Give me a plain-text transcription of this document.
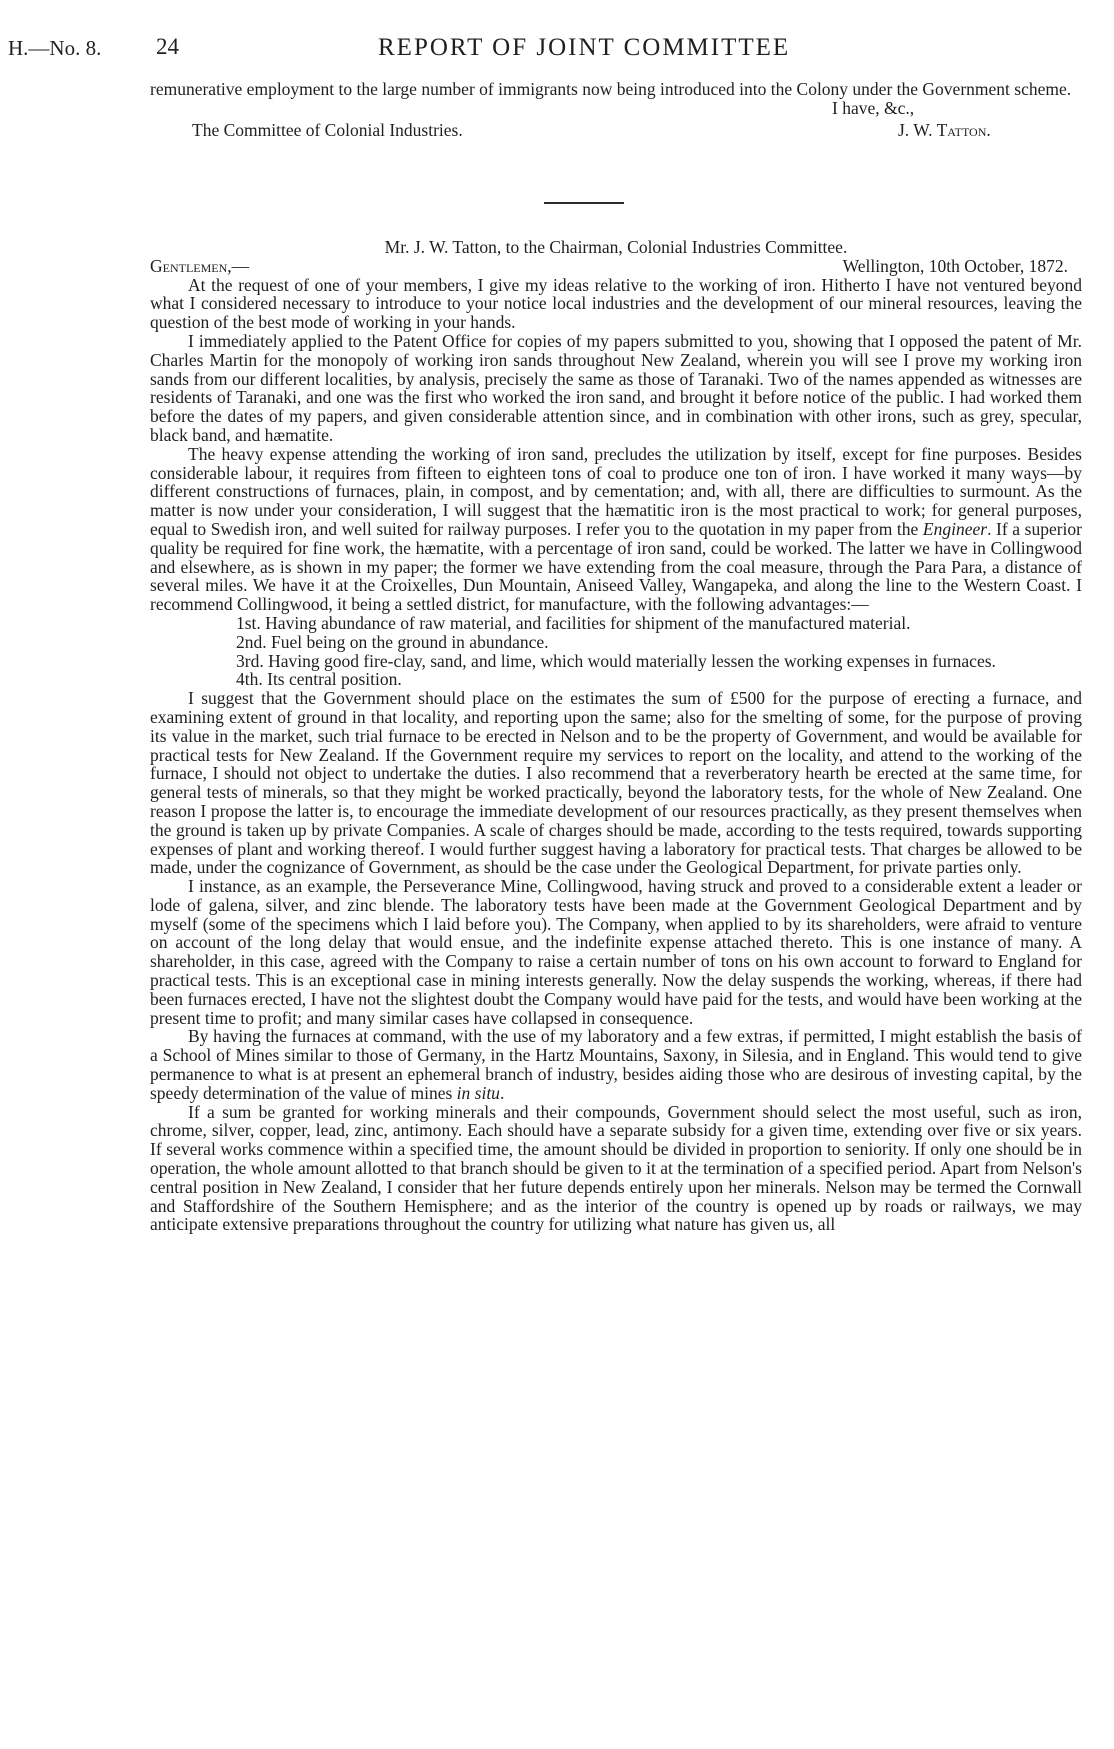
H.—No. 8. 24	REPORT OF JOINT COMMITTEE

remunerative employment to the large number of immigrants now being introduced into the Colony under the Government scheme.

I have, &c.,
The Committee of Colonial Industries.	J. W. Tatton.

Mr. J. W. Tatton, to the Chairman, Colonial Industries Committee.

Gentlemen,—	Wellington, 10th October, 1872.

At the request of one of your members, I give my ideas relative to the working of iron. Hitherto I have not ventured beyond what I considered necessary to introduce to your notice local industries and the development of our mineral resources, leaving the question of the best mode of working in your hands.

I immediately applied to the Patent Office for copies of my papers submitted to you, showing that I opposed the patent of Mr. Charles Martin for the monopoly of working iron sands throughout New Zealand, wherein you will see I prove my working iron sands from our different localities, by analysis, precisely the same as those of Taranaki. Two of the names appended as witnesses are residents of Taranaki, and one was the first who worked the iron sand, and brought it before notice of the public. I had worked them before the dates of my papers, and given considerable attention since, and in combination with other irons, such as grey, specular, black band, and hæmatite.

The heavy expense attending the working of iron sand, precludes the utilization by itself, except for fine purposes. Besides considerable labour, it requires from fifteen to eighteen tons of coal to produce one ton of iron. I have worked it many ways—by different constructions of furnaces, plain, in compost, and by cementation; and, with all, there are difficulties to surmount. As the matter is now under your consideration, I will suggest that the hæmatitic iron is the most practical to work; for general purposes, equal to Swedish iron, and well suited for railway purposes. I refer you to the quotation in my paper from the Engineer. If a superior quality be required for fine work, the hæmatite, with a percentage of iron sand, could be worked. The latter we have in Collingwood and elsewhere, as is shown in my paper; the former we have extending from the coal measure, through the Para Para, a distance of several miles. We have it at the Croixelles, Dun Mountain, Aniseed Valley, Wangapeka, and along the line to the Western Coast. I recommend Collingwood, it being a settled district, for manufacture, with the following advantages:—

1st. Having abundance of raw material, and facilities for shipment of the manufactured material.

2nd. Fuel being on the ground in abundance.

3rd. Having good fire-clay, sand, and lime, which would materially lessen the working expenses in furnaces.

4th. Its central position.

I suggest that the Government should place on the estimates the sum of £500 for the purpose of erecting a furnace, and examining extent of ground in that locality, and reporting upon the same; also for the smelting of some, for the purpose of proving its value in the market, such trial furnace to be erected in Nelson and to be the property of Government, and would be available for practical tests for New Zealand. If the Government require my services to report on the locality, and attend to the working of the furnace, I should not object to undertake the duties. I also recommend that a reverberatory hearth be erected at the same time, for general tests of minerals, so that they might be worked practically, beyond the laboratory tests, for the whole of New Zealand. One reason I propose the latter is, to encourage the immediate development of our resources practically, as they present themselves when the ground is taken up by private Companies. A scale of charges should be made, according to the tests required, towards supporting expenses of plant and working thereof. I would further suggest having a laboratory for practical tests. That charges be allowed to be made, under the cognizance of Government, as should be the case under the Geological Department, for private parties only.

I instance, as an example, the Perseverance Mine, Collingwood, having struck and proved to a considerable extent a leader or lode of galena, silver, and zinc blende. The laboratory tests have been made at the Government Geological Department and by myself (some of the specimens which I laid before you). The Company, when applied to by its shareholders, were afraid to venture on account of the long delay that would ensue, and the indefinite expense attached thereto. This is one instance of many. A shareholder, in this case, agreed with the Company to raise a certain number of tons on his own account to forward to England for practical tests. This is an exceptional case in mining interests generally. Now the delay suspends the working, whereas, if there had been furnaces erected, I have not the slightest doubt the Company would have paid for the tests, and would have been working at the present time to profit; and many similar cases have collapsed in consequence.

By having the furnaces at command, with the use of my laboratory and a few extras, if permitted, I might establish the basis of a School of Mines similar to those of Germany, in the Hartz Mountains, Saxony, in Silesia, and in England. This would tend to give permanence to what is at present an ephemeral branch of industry, besides aiding those who are desirous of investing capital, by the speedy determination of the value of mines in situ.

If a sum be granted for working minerals and their compounds, Government should select the most useful, such as iron, chrome, silver, copper, lead, zinc, antimony. Each should have a separate subsidy for a given time, extending over five or six years. If several works commence within a specified time, the amount should be divided in proportion to seniority. If only one should be in operation, the whole amount allotted to that branch should be given to it at the termination of a specified period. Apart from Nelson's central position in New Zealand, I consider that her future depends entirely upon her minerals. Nelson may be termed the Cornwall and Staffordshire of the Southern Hemisphere; and as the interior of the country is opened up by roads or railways, we may anticipate extensive preparations throughout the country for utilizing what nature has given us, all
